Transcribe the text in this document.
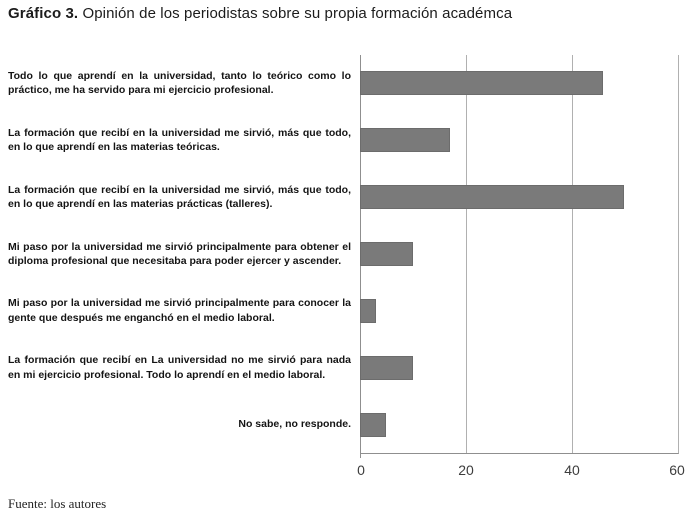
Gráfico 3. Opinión de los periodistas sobre su propia formación académca

Todo lo que aprendí en la universidad, tanto lo teórico como lo práctico, me ha servido para mi ejercicio profesional.

La formación que recibí en la universidad me sirvió, más que todo, en lo que aprendí en las materias teóricas.

La formación que recibí en la universidad me sirvió, más que todo, en lo que aprendí en las materias prácticas (talleres).

Mi paso por la universidad me sirvió principalmente para obtener el diploma profesional que necesitaba para poder ejercer y ascender.

Mi paso por la universidad me sirvió principalmente para conocer la gente que después me enganchó en el medio laboral.

La formación que recibí en La universidad no me sirvió para nada en mi ejercicio profesional. Todo lo aprendí en el medio laboral.

No sabe, no responde.

0	20	40	60
Fuente: los autores
